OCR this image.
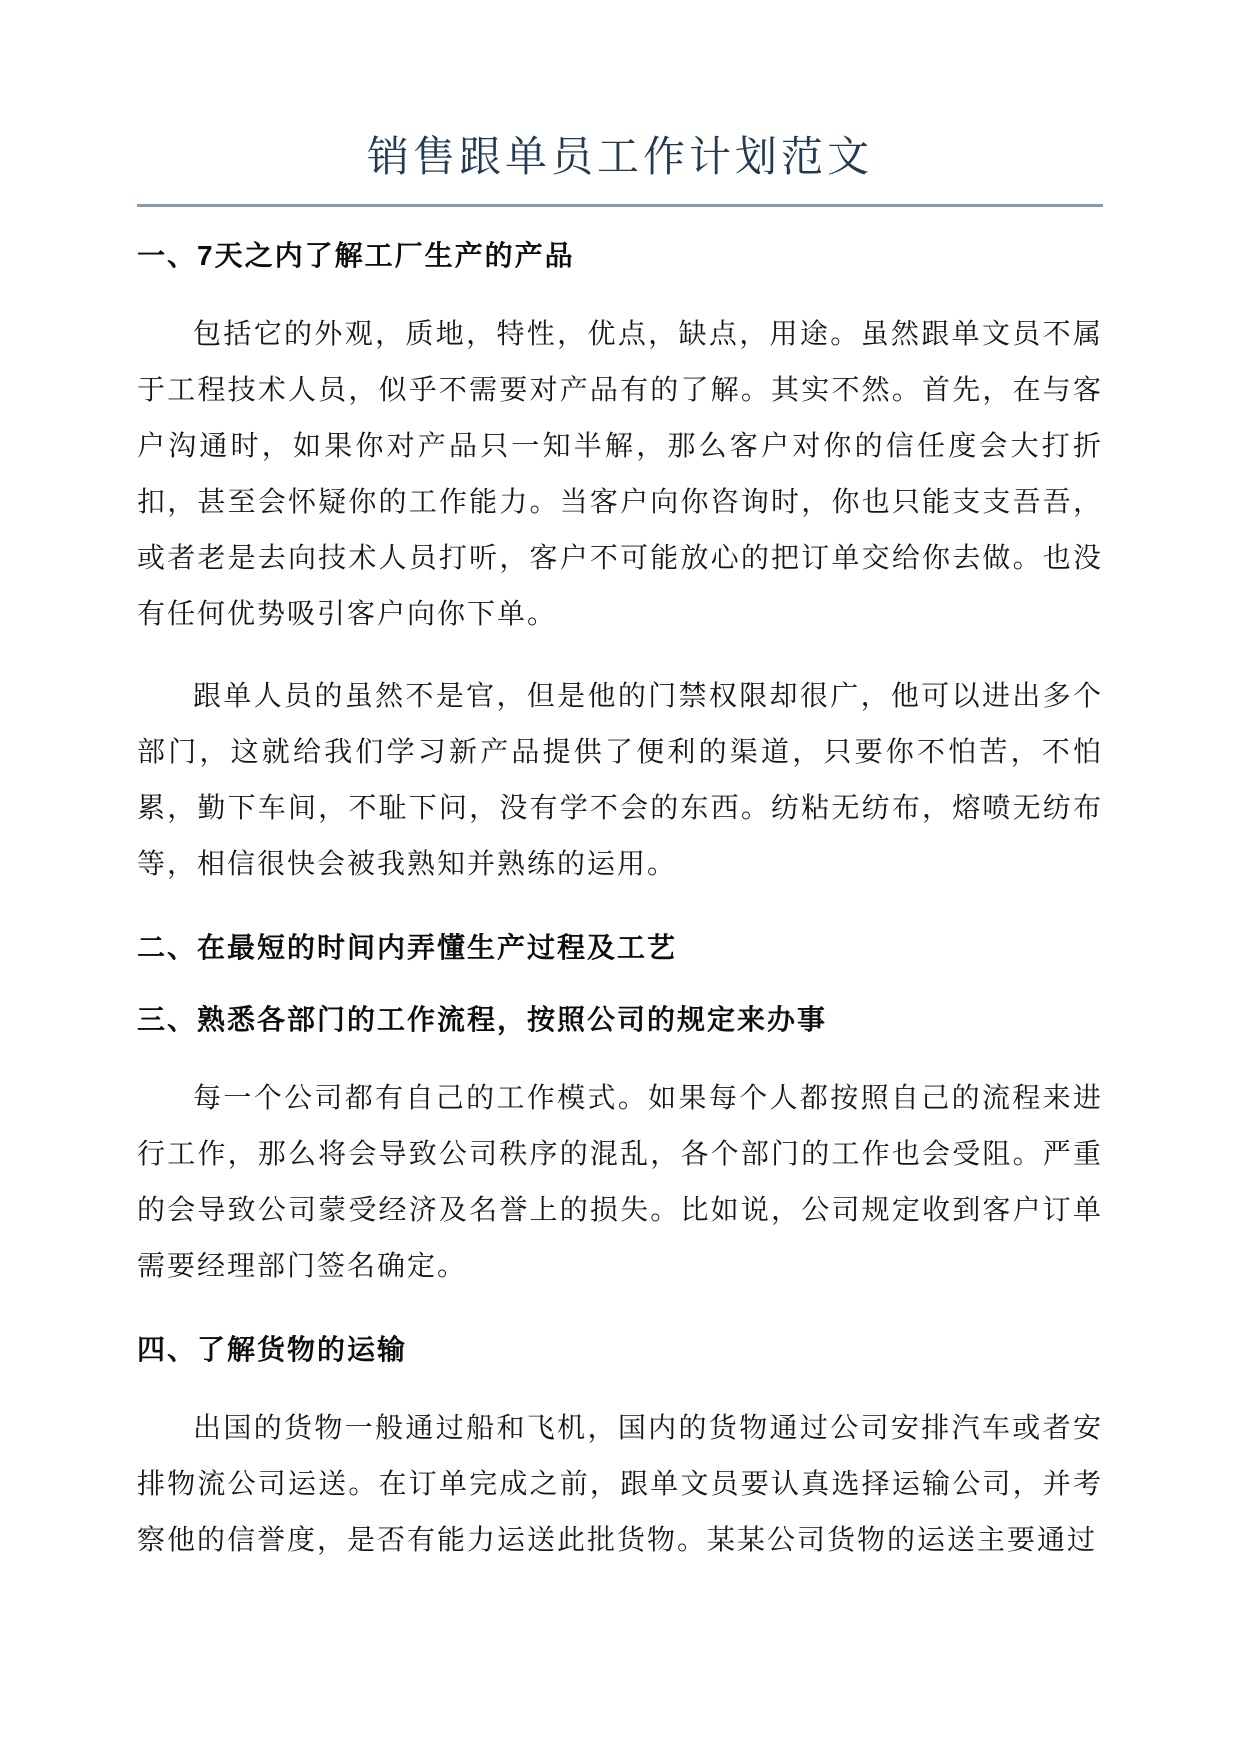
销售跟单员工作计划范文
一、7天之内了解工厂生产的产品

包括它的外观，质地，特性，优点，缺点，用途。虽然跟单文员不属于工程技术人员，似乎不需要对产品有的了解。其实不然。首先，在与客户沟通时，如果你对产品只一知半解，那么客户对你的信任度会大打折扣，甚至会怀疑你的工作能力。当客户向你咨询时，你也只能支支吾吾，或者老是去向技术人员打听，客户不可能放心的把订单交给你去做。也没有任何优势吸引客户向你下单。

跟单人员的虽然不是官，但是他的门禁权限却很广，他可以进出多个部门，这就给我们学习新产品提供了便利的渠道，只要你不怕苦，不怕累，勤下车间，不耻下问，没有学不会的东西。纺粘无纺布，熔喷无纺布等，相信很快会被我熟知并熟练的运用。

二、在最短的时间内弄懂生产过程及工艺
三、熟悉各部门的工作流程，按照公司的规定来办事

每一个公司都有自己的工作模式。如果每个人都按照自己的流程来进行工作，那么将会导致公司秩序的混乱，各个部门的工作也会受阻。严重的会导致公司蒙受经济及名誉上的损失。比如说，公司规定收到客户订单需要经理部门签名确定。

四、了解货物的运输

出国的货物一般通过船和飞机，国内的货物通过公司安排汽车或者安排物流公司运送。在订单完成之前，跟单文员要认真选择运输公司，并考察他的信誉度，是否有能力运送此批货物。某某公司货物的运送主要通过
